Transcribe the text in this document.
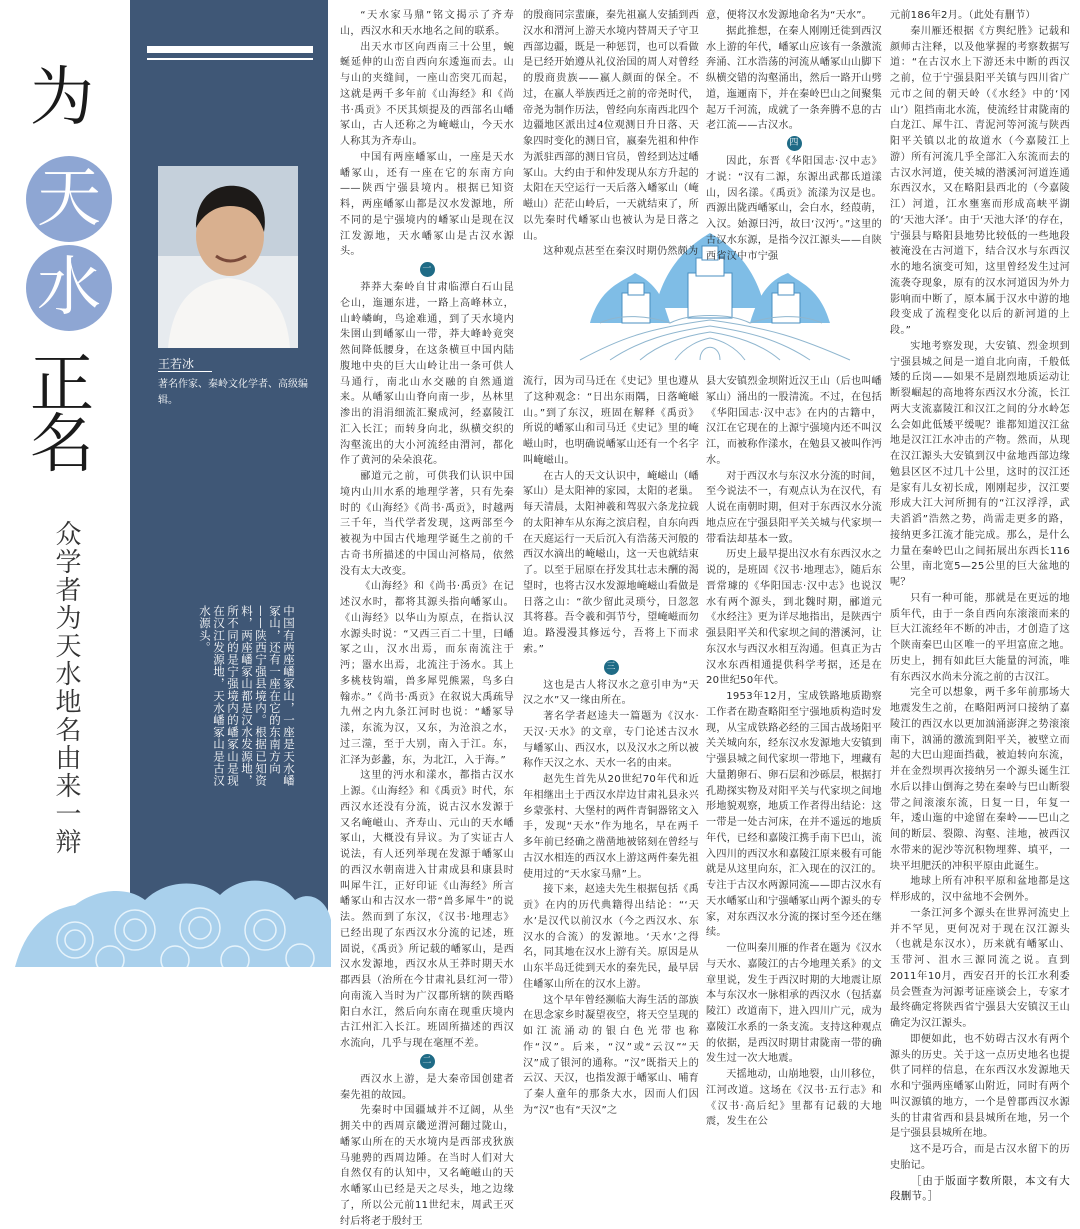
为
天
水
正
名
众学者为天水地名由来一辩
王若冰
著名作家、秦岭文化学者、高级编辑。
中国有两座嶓冢山，一座是天水嶓冢山，还有一座在它的东南方向——陕西宁强县境内。根据已知资料，两座嶓冢山都是汉水发源地，所不同的是宁强境内的嶓冢山是现在汉江发源地，天水嶓冢山是古汉水源头。

“天水家马鼎”铭文揭示了齐寿山，西汉水和天水地名之间的联系。

出天水市区向西南三十公里，蜿蜒延伸的山峦自西向东逶迤而去。山与山的夹缝间，一座山峦突兀而起，这就是两千多年前《山海经》和《尚书·禹贡》不厌其烦提及的西部名山嶓冢山，古人还称之为崦嵫山，今天水人称其为齐寿山。

中国有两座嶓冢山，一座是天水嶓冢山，还有一座在它的东南方向——陕西宁强县境内。根据已知资料，两座嶓冢山都是汉水发源地，所不同的是宁强境内的嶓冢山是现在汉江发源地，天水嶓冢山是古汉水源头。

一

莽莽大秦岭自甘肃临潭白石山昆仑山，迤逦东进，一路上高峰林立，山岭嶙峋，鸟途难通，到了天水境内朱圉山到嶓冢山一带，莽大峰岭竟突然间降低腰身，在这条横亘中国内陆腹地中央的巨大山岭让出一条可供人马通行，南北山水交融的自然通道来。从嶓冢山山脊向南一步，丛林里渗出的涓涓细流汇聚成河，经嘉陵江汇入长江；而转身向北，纵横交织的沟壑流出的大小河流经由渭河，都化作了黄河的朵朵浪花。

郦道元之前，可供我们认识中国境内山川水系的地理学著，只有先秦时的《山海经》《尚书·禹贡》，时越两三千年，当代学者发现，这两部至今被视为中国古代地理学诞生之前的千古奇书所描述的中国山河格局，依然没有太大改变。

《山海经》和《尚书·禹贡》在记述汉水时，都将其源头指向嶓冢山。《山海经》以华山为原点，在指认汉水源头时说：“又西三百二十里，曰嶓冢之山，汉水出焉，而东南流注于沔；嚣水出焉，北流注于汤水。其上多桃枝钩端，兽多犀兕熊罴，鸟多白翰赤。”《尚书·禹贡》在叙说大禹疏导九州之内九条江河时也说：“嶓冢导漾，东流为汉，又东，为沧浪之水，过三澨，至于大别，南入于江。东，汇泽为彭蠡，东，为北江，入于海。”

这里的沔水和漾水，都指古汉水上源。《山海经》和《禹贡》时代，东西汉水还没有分流，说古汉水发源于又名崦嵫山、齐寿山、元山的天水嶓冢山，大概没有异议。为了实证古人说法，有人还列举现在发源于嶓冢山的西汉水朝南进入甘肃成县和康县时叫犀牛江，正好印证《山海经》所言嶓冢山和古汉水一带“兽多犀牛”的说法。然而到了东汉，《汉书·地理志》已经出现了东西汉水分流的记述，班固说，《禹贡》所记载的嶓冢山，是西汉水发源地，西汉水从王莽时期天水郡西县（治所在今甘肃礼县红河一带）向南流入当时为广汉郡所辖的陕西略阳白水江，然后向东南在现重庆境内古江州汇入长江。班固所描述的西汉水流向，几乎与现在毫厘不差。

二

西汉水上游，是大秦帝国创建者秦先祖的故园。

先秦时中国疆域并不辽阔，从坐拥关中的西周京畿逆渭河翻过陇山，嶓冢山所在的天水境内是西部戎狄族马驰骋的西周边陲。在当时人们对大自然仅有的认知中，又名崦嵫山的天水嶓冢山已经是天之尽头，地之边缘了，所以公元前11世纪末，周武王灭纣后将老于殷纣王

的殷商同宗蜚廉，秦先祖嬴人安插到西汉水和渭河上游天水境内替周天子守卫西部边疆，既是一种惩罚，也可以看做是已经开始遵从礼仪治国的周人对曾经的殷商贵族——嬴人颜面的保全。不过，在嬴人举族西迁之前的帝尧时代，帝尧为制作历法，曾经向东南西北四个边疆地区派出过4位观测日升日落、天象四时变化的测日官，嬴秦先祖和仲作为派驻西部的测日官员，曾经到达过嶓冢山。大约由于和仲发现从东方升起的太阳在天空运行一天后落入嶓冢山（崦嵫山）茫茫山岭后，一天就结束了，所以先秦时代嶓冢山也被认为是日落之山。

这种观点甚至在秦汉时期仍然颇为

流行，因为司马迁在《史记》里也遵从了这种观念：“日出东雨隅，日落崦嵫山。”到了东汉，班固在解释《禹贡》所说的嶓冢山和司马迁《史记》里的崦嵫山时，也明确说嶓冢山还有一个名字叫崦嵫山。

在古人的天文认识中，崦嵫山（嶓冢山）是太阳神的家园，太阳的老巢。每天清晨，太阳神羲和驾驭六条龙拉载的太阳神车从东海之滨启程，自东向西在天庭运行一天后沉入有浩荡天河般的西汉水滴出的崦嵫山，这一天也就结束了。以至于屈原在抒发其壮志未酬的渴望时，也将古汉水发源地崦嵫山看做是日落之山：“欲少留此灵琐兮，日忽忽其将暮。吾令羲和弭节兮，望崦嵫而勿迫。路漫漫其修远兮，吾将上下而求索。”

三

这也是古人将汉水之意引申为“天汉之水”又一缘由所在。

著名学者赵逵夫一篇题为《汉水·天汉·天水》的文章，专门论述古汉水与嶓冢山、西汉水，以及汉水之所以被称作天汉之水、天水一名的由来。

赵先生首先从20世纪70年代和近年相继出土于西汉水岸边甘肃礼县永兴乡蒙张村、大堡村的两件青铜器铭文入手，发现“天水”作为地名，早在两千多年前已经确之凿凿地被铭刻在曾经与古汉水相连的西汉水上游这两件秦先祖使用过的“天水家马鼎”上。

接下来，赵逵夫先生根据包括《禹贡》在内的历代典籍得出结论：“‘天水’是汉代以前汉水（今之西汉水、东汉水的合流）的发源地。‘天水’之得名，同其地在汉水上游有关。原因是从山东半岛迁徙到天水的秦先民，最早居住嶓冢山所在的汉水上游。

这个早年曾经濒临大海生活的部族在思念家乡时凝望夜空，将天空呈现的如江流涌动的银白色光带也称作“汉”。后来，“汉”或“云汉”“天汉”成了银河的通称。“汉”既指天上的云汉、天汉，也指发源于嶓冢山、哺育了秦人童年的那条大水，因而人们因为“汉”也有“天汉”之

意，便将汉水发源地命名为“天水”。

据此推想，在秦人刚刚迁徙到西汉水上游的年代，嶓冢山应该有一条激流奔涌、江水浩荡的河流从嶓冢山山脚下纵横交错的沟壑涌出，然后一路开山劈道，迤逦南下，并在秦岭巴山之间聚集起万千河流，成就了一条奔腾不息的古老江流——古汉水。

四

因此，东晋《华阳国志·汉中志》才说：“汉有二源，东源出武都氐道漾山，因名漾。《禹贡》流漾为汉是也。西源出陇西嶓冢山，会白水，经葭萌，入汉。始源曰沔，故曰‘汉沔’。”这里的古汉水东源，是指今汉江源头——自陕西省汉中市宁强

县大安镇烈金坝附近汉王山（后也叫嶓冢山）涌出的一股清流。不过，在包括《华阳国志·汉中志》在内的古籍中，汉江在它现在的上源宁强境内还不叫汉江，而被称作漾水，在勉县又被叫作沔水。

对于西汉水与东汉水分流的时间，至今说法不一，有观点认为在汉代，有人说在南朝时期，但对于东西汉水分流地点应在宁强县阳平关关城与代家坝一带看法却基本一致。

历史上最早提出汉水有东西汉水之说的，是班固《汉书·地理志》，随后东晋常璩的《华阳国志·汉中志》也说汉水有两个源头，到北魏时期，郦道元《水经注》更为详尽地指出，是陕西宁强县阳平关和代家坝之间的潜溪河，让东汉水与西汉水相互沟通。但真正为古汉水东西相通提供科学考据，还是在20世纪50年代。

1953年12月，宝成铁路地质勘察工作者在勘查略阳至宁强地质构造时发现，从宝成铁路必经的三国古战场阳平关关城向东，经东汉水发源地大安镇到宁强县城之间代家坝一带地下，埋藏有大量鹅卵石、卵石层和沙砾层，根据打孔勘探实物及对阳平关与代家坝之间地形地貌观察，地质工作者得出结论：这一带是一处古河床，在并不遥远的地质年代，已经和嘉陵江携手南下巴山，流入四川的西汉水和嘉陵江原来极有可能就是从这里向东，汇入现在的汉江的。专注于古汉水两源同流——即古汉水有天水嶓冢山和宁强嶓冢山两个源头的专家，对东西汉水分流的探讨至今还在继续。

一位叫秦川雁的作者在题为《汉水与天水、嘉陵江的古今地理关系》的文章里说，发生于西汉时期的大地震让原本与东汉水一脉相承的西汉水（包括嘉陵江）改道南下，进入四川广元，成为嘉陵江水系的一条支流。支持这种观点的依据，是西汉时期甘肃陇南一带的确发生过一次大地震。

天摇地动，山崩地裂，山川移位，江河改道。这场在《汉书·五行志》和《汉书·高后纪》里都有记载的大地震，发生在公

元前186年2月。（此处有删节）

秦川雁还根据《方舆纪胜》记载和颜师古注释，以及他掌握的考察数据写道：“在古汉水上下游还未中断的西汉之前，位于宁强县阳平关镇与四川省广元市之间的朝天岭（《水经》中的‘冈山’）阻挡南北水流，使流经甘肃陇南的白龙江、犀牛江、青泥河等河流与陕西阳平关镇以北的故道水（今嘉陵江上游）所有河流几乎全部汇入东流而去的古汉水河道，使关城的潜溪河河道连通东西汉水，又在略阳县西北的（今嘉陵江）河道，江水壅塞而形成高峡平湖的‘天池大泽’。由于‘天池大泽’的存在，宁强县与略阳县地势比较低的一些地段被淹没在古河道下，结合汉水与东西汉水的地名演变可知，这里曾经发生过河流袭夺现象，原有的汉水河道因为外力影响而中断了，原本属于汉水中游的地段变成了流程变化以后的新河道的上段。”

实地考察发现，大安镇、烈金坝到宁强县城之间是一道自北向南，千般低矮的丘岗——如果不是剧烈地质运动让断裂崛起的高地将东西汉水分流，长江两大支流嘉陵江和汉江之间的分水岭怎么会如此低矮平缓呢？谁都知道汉江盆地是汉江江水冲击的产物。然而，从现在汉江源头大安镇到汉中盆地西部边缘勉县区区不过几十公里，这时的汉江还是家有儿女初长成，刚刚起步，汉江要形成大江大河所拥有的“江汉浮浮，武夫滔滔”浩然之势，尚需走更多的路，接纳更多江流才能完成。那么，是什么力量在秦岭巴山之间拓展出东西长116公里，南北宽5—25公里的巨大盆地的呢？

只有一种可能，那就是在更远的地质年代，由于一条自西向东滚滚而来的巨大江流经年不断的冲击，才创造了这个陕南秦巴山区唯一的平坦富庶之地。历史上，拥有如此巨大能量的河流，唯有东西汉水尚未分流之前的古汉江。

完全可以想象，两千多年前那场大地震发生之前，在略阳两河口接纳了嘉陵江的西汉水以更加汹涌澎湃之势滚滚南下，汹涌的激流到阳平关，被壁立而起的大巴山迎面挡截，被迫转向东流，并在金烈坝再次接纳另一个源头诞生江水后以排山倒海之势在秦岭与巴山断裂带之间滚滚东流，日复一日，年复一年，逶山迤的中途留在秦岭——巴山之间的断层、裂隙、沟壑、洼地，被西汉水带来的泥沙等沉积物埋葬、填平，一块平坦肥沃的冲积平原由此诞生。

地球上所有冲积平原和盆地都是这样形成的，汉中盆地不会例外。

一条江河多个源头在世界河流史上并不罕见，更何况对于现在汉江源头（也就是东汉水），历来就有嶓冢山、玉带河、沮水三源同流之说。直到2011年10月，西安召开的长江水利委员会暨查为河源考证座谈会上，专家才最终确定将陕西省宁强县大安镇汉王山确定为汉江源头。

即便如此，也不妨碍古汉水有两个源头的历史。关于这一点历史地名也提供了同样的信息，在东西汉水发源地天水和宁强两座嶓冢山附近，同时有两个叫汉源镇的地方，一个是曾郡西汉水源头的甘肃省西和县县城所在地，另一个是宁强县县城所在地。

这不是巧合，而是古汉水留下的历史胎记。

［由于版面字数所限，本文有大段删节。］
